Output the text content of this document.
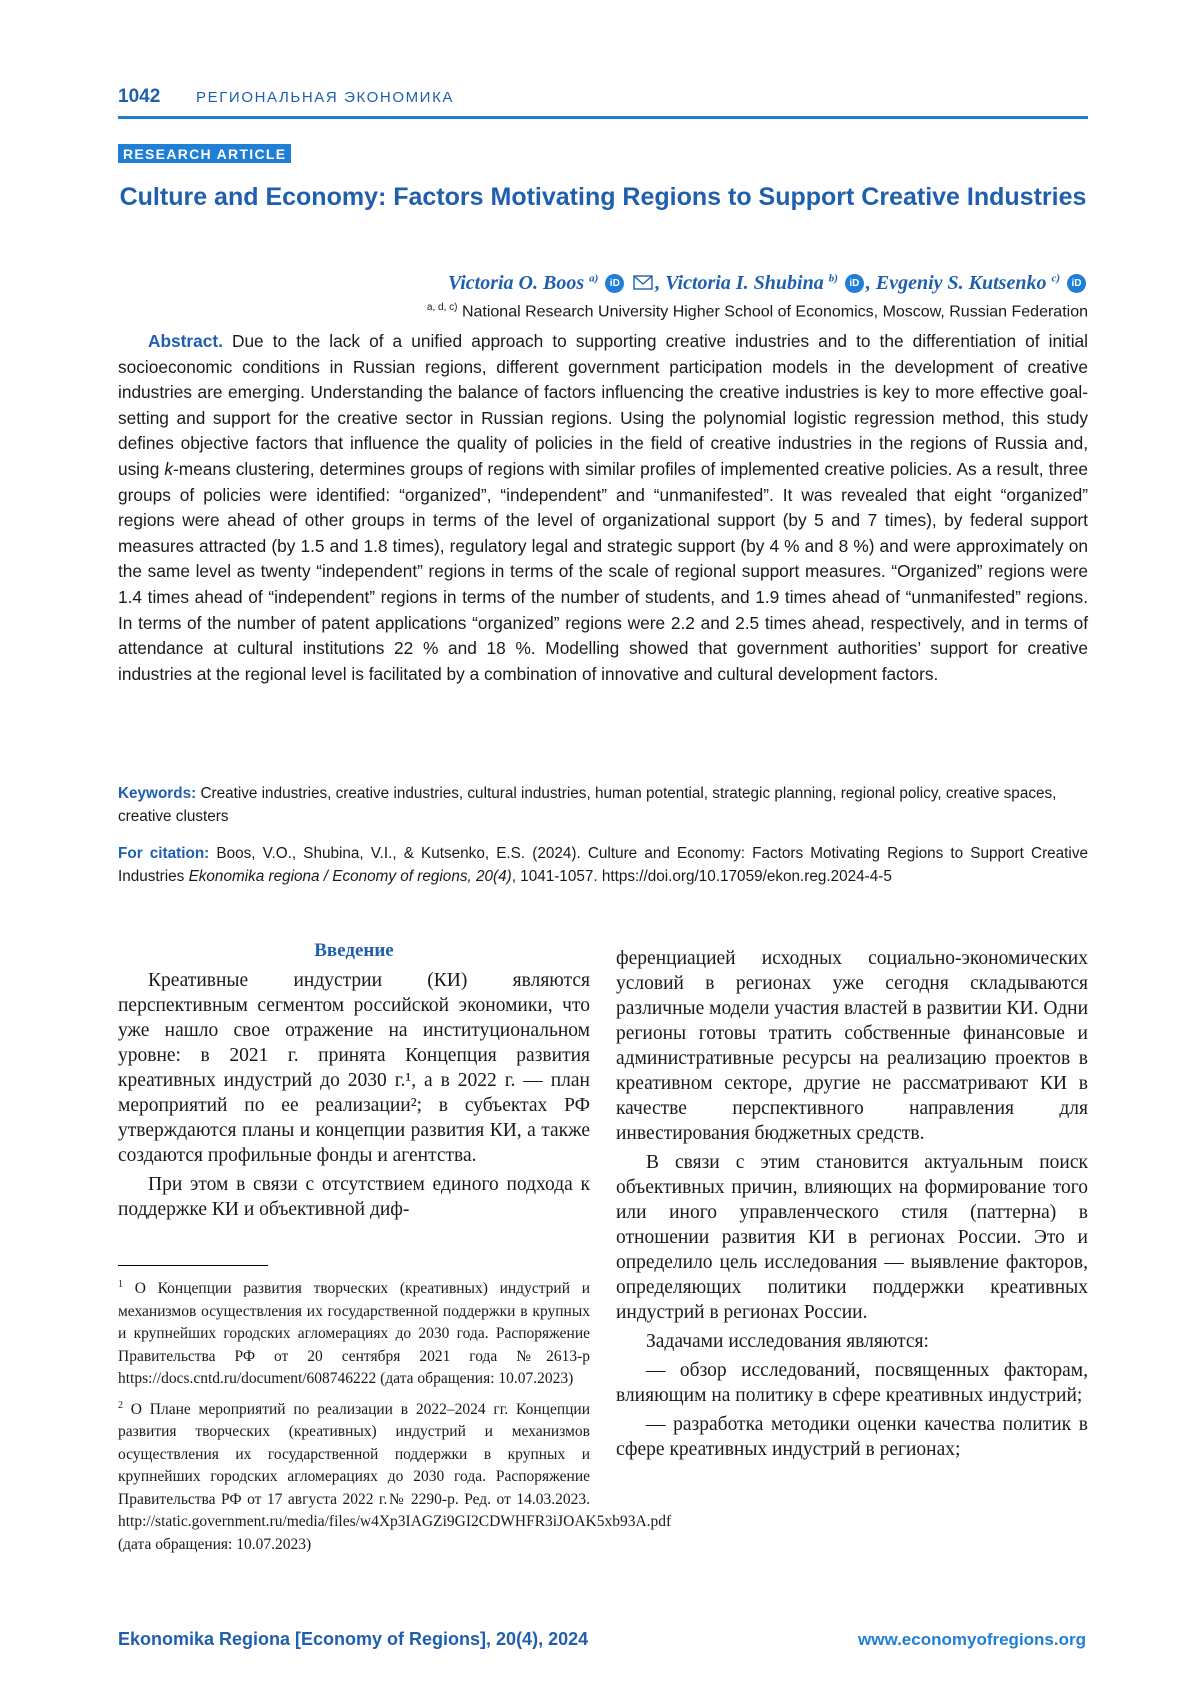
1042 РЕГИОНАЛЬНАЯ ЭКОНОМИКА
RESEARCH ARTICLE
Culture and Economy: Factors Motivating Regions to Support Creative Industries
Victoria O. Boos $^{a)}$ iD , Victoria I. Shubina $^{b)}$ iD , Evgeniy S. Kutsenko $^{c)}$ iD
$^{a, d, c)}$ National Research University Higher School of Economics, Moscow, Russian Federation
Abstract. Due to the lack of a unified approach to supporting creative industries and to the differentiation of initial socioeconomic conditions in Russian regions, different government participation models in the development of creative industries are emerging. Understanding the balance of factors influencing the creative industries is key to more effective goal-setting and support for the creative sector in Russian regions. Using the polynomial logistic regression method, this study defines objective factors that influence the quality of policies in the field of creative industries in the regions of Russia and, using k-means clustering, determines groups of regions with similar profiles of implemented creative policies. As a result, three groups of policies were identified: “organized”, “independent” and “unmanifested”. It was revealed that eight “organized” regions were ahead of other groups in terms of the level of organizational support (by 5 and 7 times), by federal support measures attracted (by 1.5 and 1.8 times), regulatory legal and strategic support (by 4 % and 8 %) and were approximately on the same level as twenty “independent” regions in terms of the scale of regional support measures. “Organized” regions were 1.4 times ahead of “independent” regions in terms of the number of students, and 1.9 times ahead of “unmanifested” regions. In terms of the number of patent applications “organized” regions were 2.2 and 2.5 times ahead, respectively, and in terms of attendance at cultural institutions 22 % and 18 %. Modelling showed that government authorities’ support for creative industries at the regional level is facilitated by a combination of innovative and cultural development factors.
Keywords: Creative industries, creative industries, cultural industries, human potential, strategic planning, regional policy, creative spaces, creative clusters
For citation: Boos, V.O., Shubina, V.I., & Kutsenko, E.S. (2024). Culture and Economy: Factors Motivating Regions to Support Creative Industries Ekonomika regiona / Economy of regions, 20(4), 1041-1057. https://doi.org/10.17059/ekon.reg.2024-4-5
Введение

Креативные индустрии (КИ) являются перспективным сегментом российской экономики, что уже нашло свое отражение на институциональном уровне: в 2021 г. принята Концепция развития креативных индустрий до 2030 г.¹, а в 2022 г. — план мероприятий по ее реализации²; в субъектах РФ утверждаются планы и концепции развития КИ, а также создаются профильные фонды и агентства.

При этом в связи с отсутствием единого подхода к поддержке КИ и объективной диф-

$^1$ О Концепции развития творческих (креативных) индустрий и механизмов осуществления их государственной поддержки в крупных и крупнейших городских агломерациях до 2030 года. Распоряжение Правительства РФ от 20 сентября 2021 года №2613-р https://docs.cntd.ru/document/608746222 (дата обращения: 10.07.2023)

$^2$ О Плане мероприятий по реализации в 2022–2024 гг. Концепции развития творческих (креативных) индустрий и механизмов осуществления их государственной поддержки в крупных и крупнейших городских агломерациях до 2030 года. Распоряжение Правительства РФ от 17 августа 2022 г.№ 2290-р. Ред. от 14.03.2023. http://static.government.ru/media/files/w4Xp3IAGZi9GI2CDWHFR3iJOAK5xb93A.pdf (дата обращения: 10.07.2023)

ференциацией исходных социально-экономических условий в регионах уже сегодня складываются различные модели участия властей в развитии КИ. Одни регионы готовы тратить собственные финансовые и административные ресурсы на реализацию проектов в креативном секторе, другие не рассматривают КИ в качестве перспективного направления для инвестирования бюджетных средств.

В связи с этим становится актуальным поиск объективных причин, влияющих на формирование того или иного управленческого стиля (паттерна) в отношении развития КИ в регионах России. Это и определило цель исследования — выявление факторов, определяющих политики поддержки креативных индустрий в регионах России.

Задачами исследования являются:

— обзор исследований, посвященных факторам, влияющим на политику в сфере креативных индустрий;

— разработка методики оценки качества политик в сфере креативных индустрий в регионах;

Ekonomika Regiona [Economy of Regions], 20(4), 2024	www.economyofregions.org
